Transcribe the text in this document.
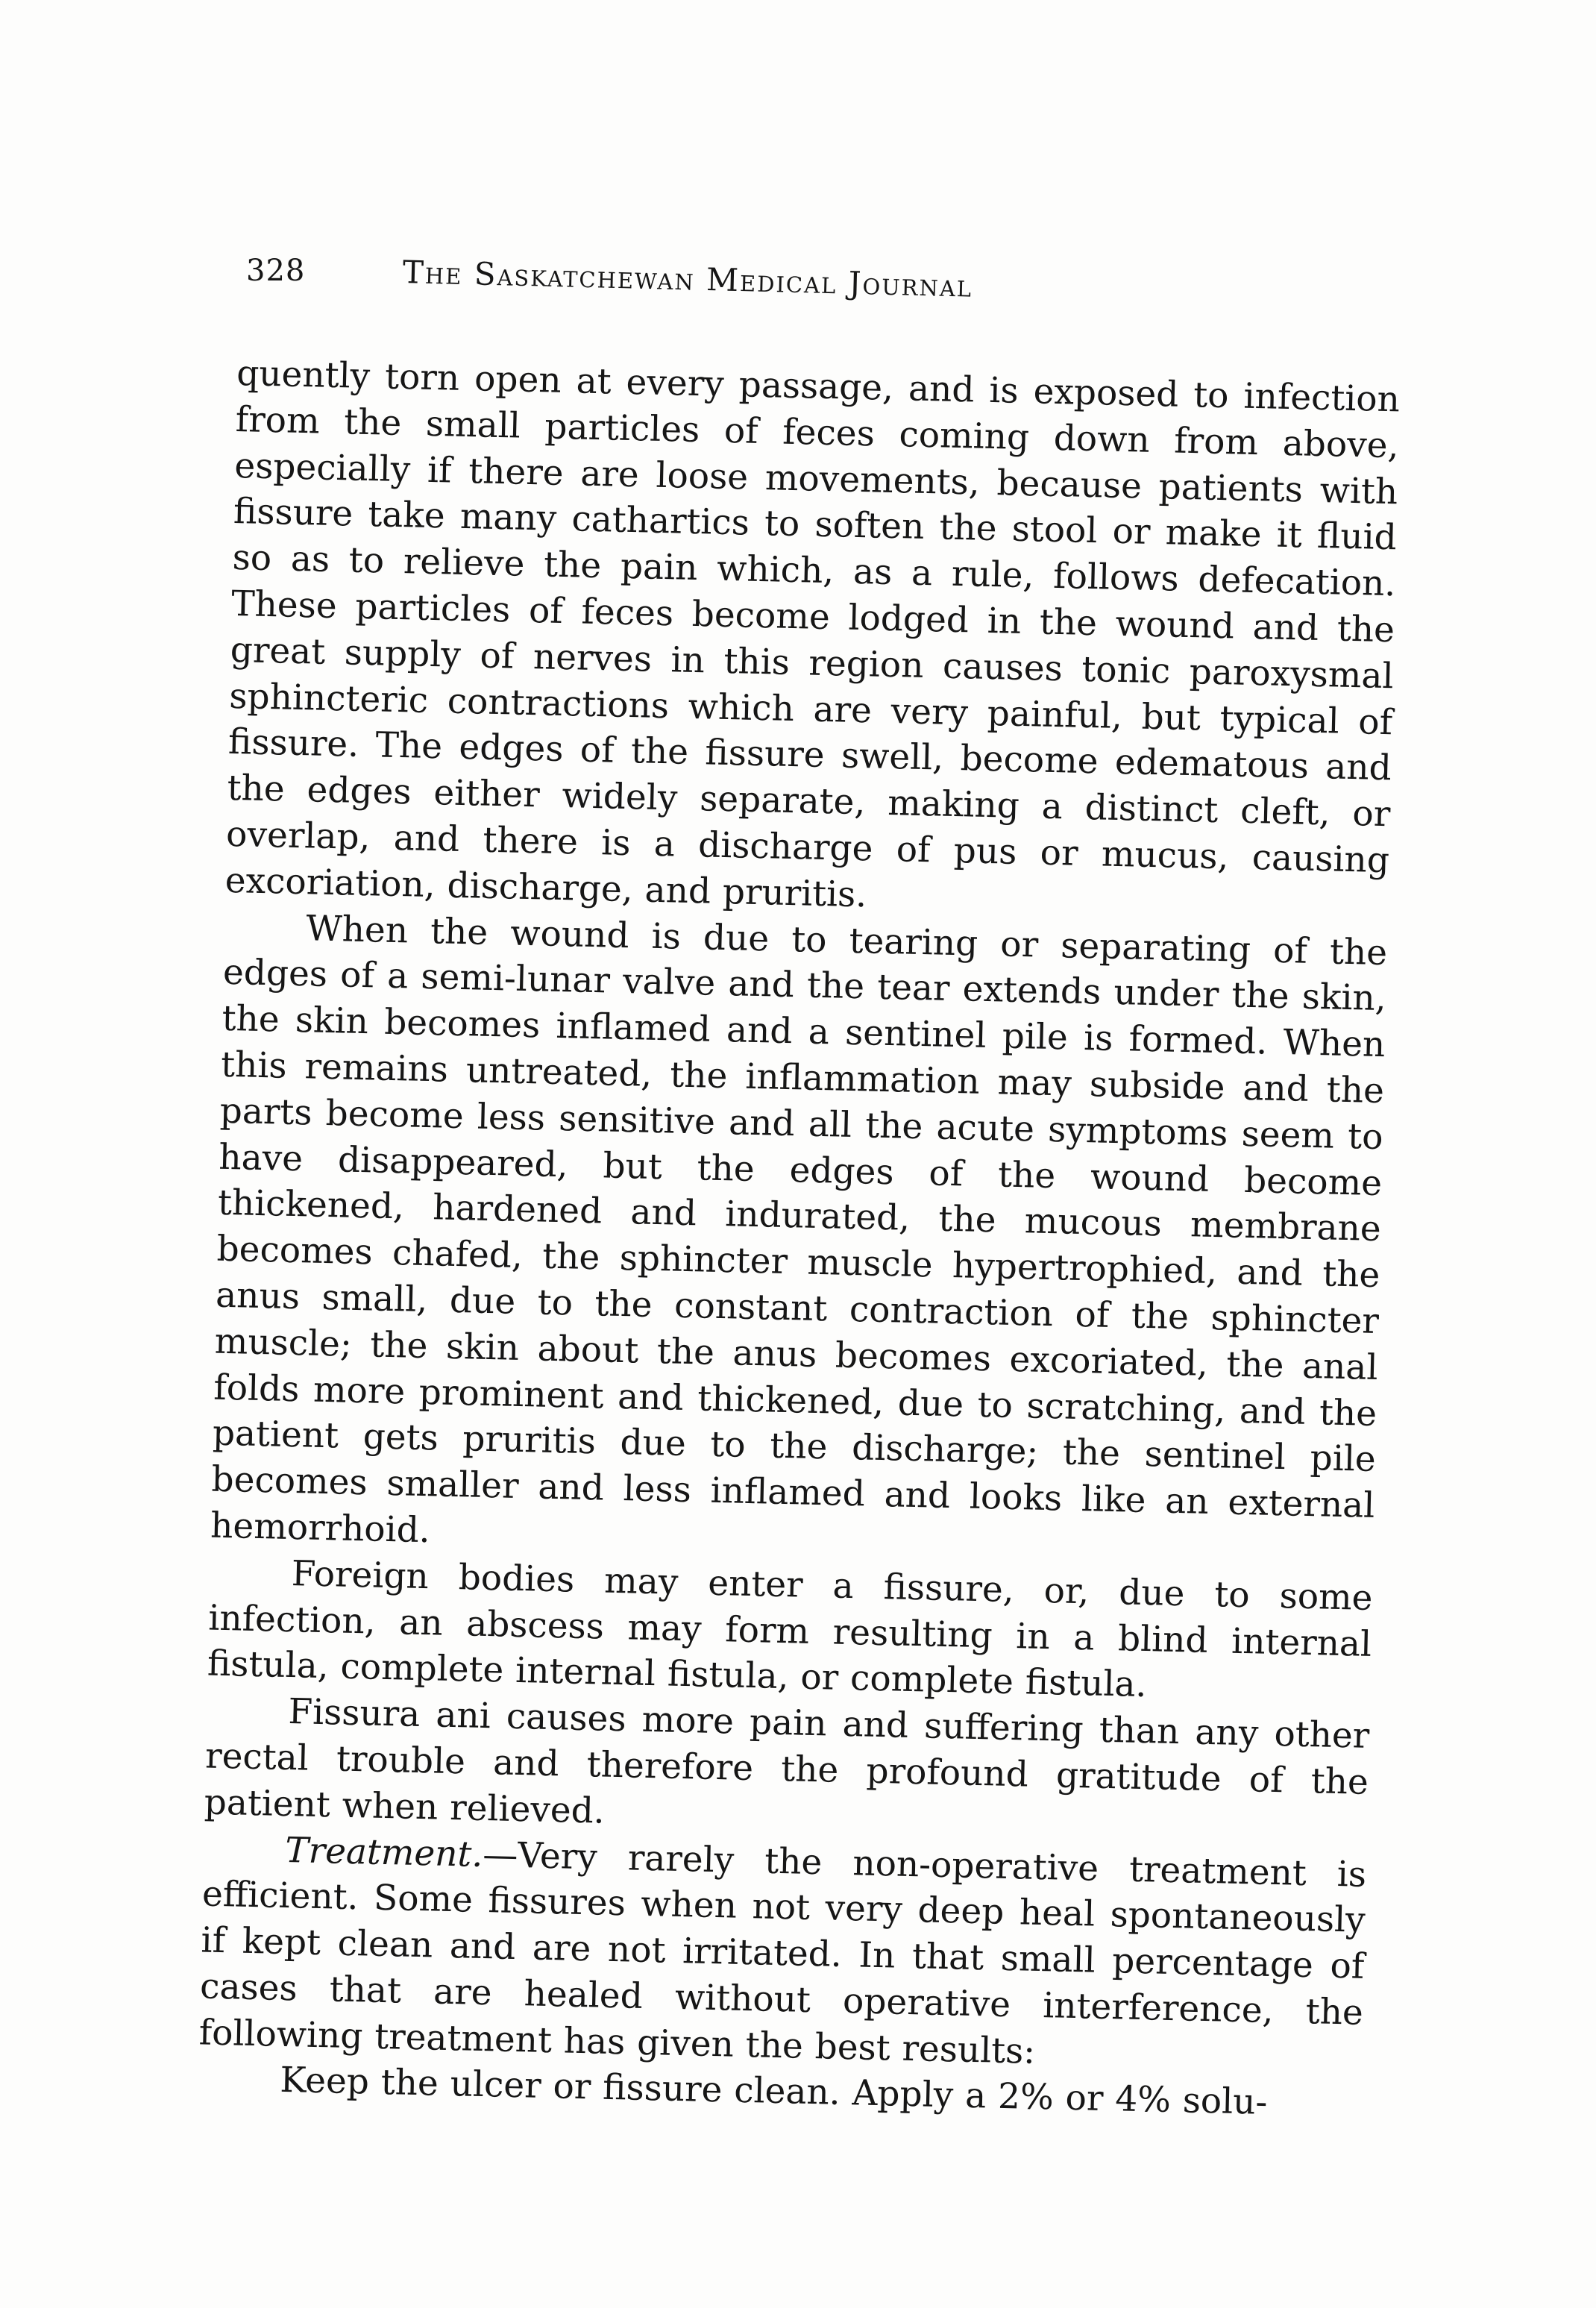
328	The Saskatchewan Medical Journal

quently torn open at every passage, and is exposed to infection from the small particles of feces coming down from above, especially if there are loose movements, because patients with fissure take many cathartics to soften the stool or make it fluid so as to relieve the pain which, as a rule, follows defecation. These particles of feces become lodged in the wound and the great supply of nerves in this region causes tonic paroxysmal sphincteric contractions which are very painful, but typical of fissure. The edges of the fissure swell, become edematous and the edges either widely separate, making a distinct cleft, or overlap, and there is a discharge of pus or mucus, causing excoriation, discharge, and pruritis.

When the wound is due to tearing or separating of the edges of a semi-lunar valve and the tear extends under the skin, the skin becomes inflamed and a sentinel pile is formed. When this remains untreated, the inflammation may subside and the parts become less sensitive and all the acute symptoms seem to have disappeared, but the edges of the wound become thickened, hardened and indurated, the mucous membrane becomes chafed, the sphincter muscle hypertrophied, and the anus small, due to the constant contraction of the sphincter muscle; the skin about the anus becomes excoriated, the anal folds more prominent and thickened, due to scratching, and the patient gets pruritis due to the discharge; the sentinel pile becomes smaller and less inflamed and looks like an external hemorrhoid.

Foreign bodies may enter a fissure, or, due to some infection, an abscess may form resulting in a blind internal fistula, complete internal fistula, or complete fistula.

Fissura ani causes more pain and suffering than any other rectal trouble and therefore the profound gratitude of the patient when relieved.

Treatment.—Very rarely the non-operative treatment is efficient. Some fissures when not very deep heal spontaneously if kept clean and are not irritated. In that small percentage of cases that are healed without operative interference, the following treatment has given the best results:

Keep the ulcer or fissure clean. Apply a 2% or 4% solu-
